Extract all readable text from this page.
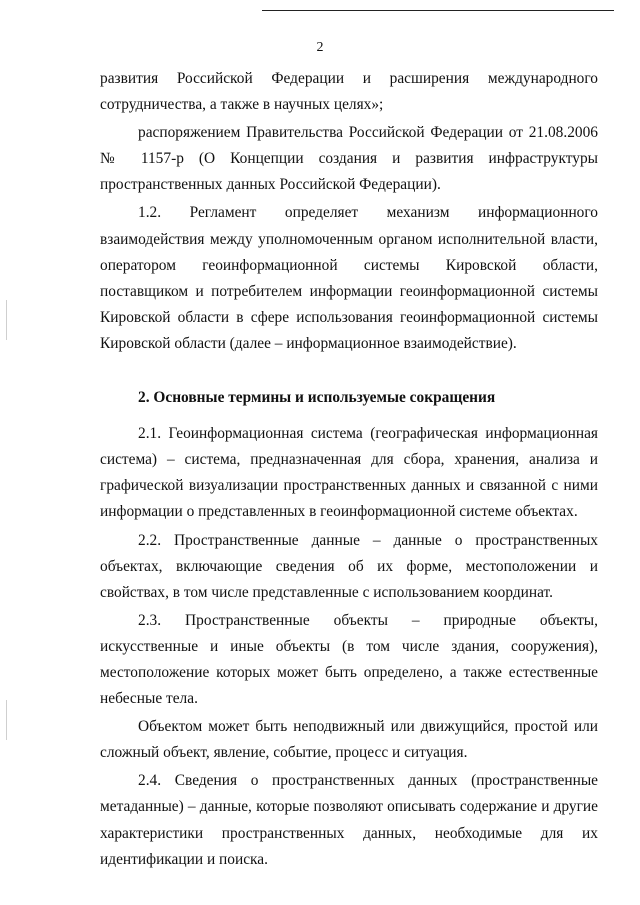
2

развития Российской Федерации и расширения международного сотрудничества, а также в научных целях»;

распоряжением Правительства Российской Федерации от 21.08.2006 № 1157-р (О Концепции создания и развития инфраструктуры пространственных данных Российской Федерации).

1.2. Регламент определяет механизм информационного взаимодействия между уполномоченным органом исполнительной власти, оператором геоинформационной системы Кировской области, поставщиком и потребителем информации геоинформационной системы Кировской области в сфере использования геоинформационной системы Кировской области (далее – информационное взаимодействие).

2. Основные термины и используемые сокращения

2.1. Геоинформационная система (географическая информационная система) – система, предназначенная для сбора, хранения, анализа и графической визуализации пространственных данных и связанной с ними информации о представленных в геоинформационной системе объектах.

2.2. Пространственные данные – данные о пространственных объектах, включающие сведения об их форме, местоположении и свойствах, в том числе представленные с использованием координат.

2.3. Пространственные объекты – природные объекты, искусственные и иные объекты (в том числе здания, сооружения), местоположение которых может быть определено, а также естественные небесные тела.

Объектом может быть неподвижный или движущийся, простой или сложный объект, явление, событие, процесс и ситуация.

2.4. Сведения о пространственных данных (пространственные метаданные) – данные, которые позволяют описывать содержание и другие характеристики пространственных данных, необходимые для их идентификации и поиска.
